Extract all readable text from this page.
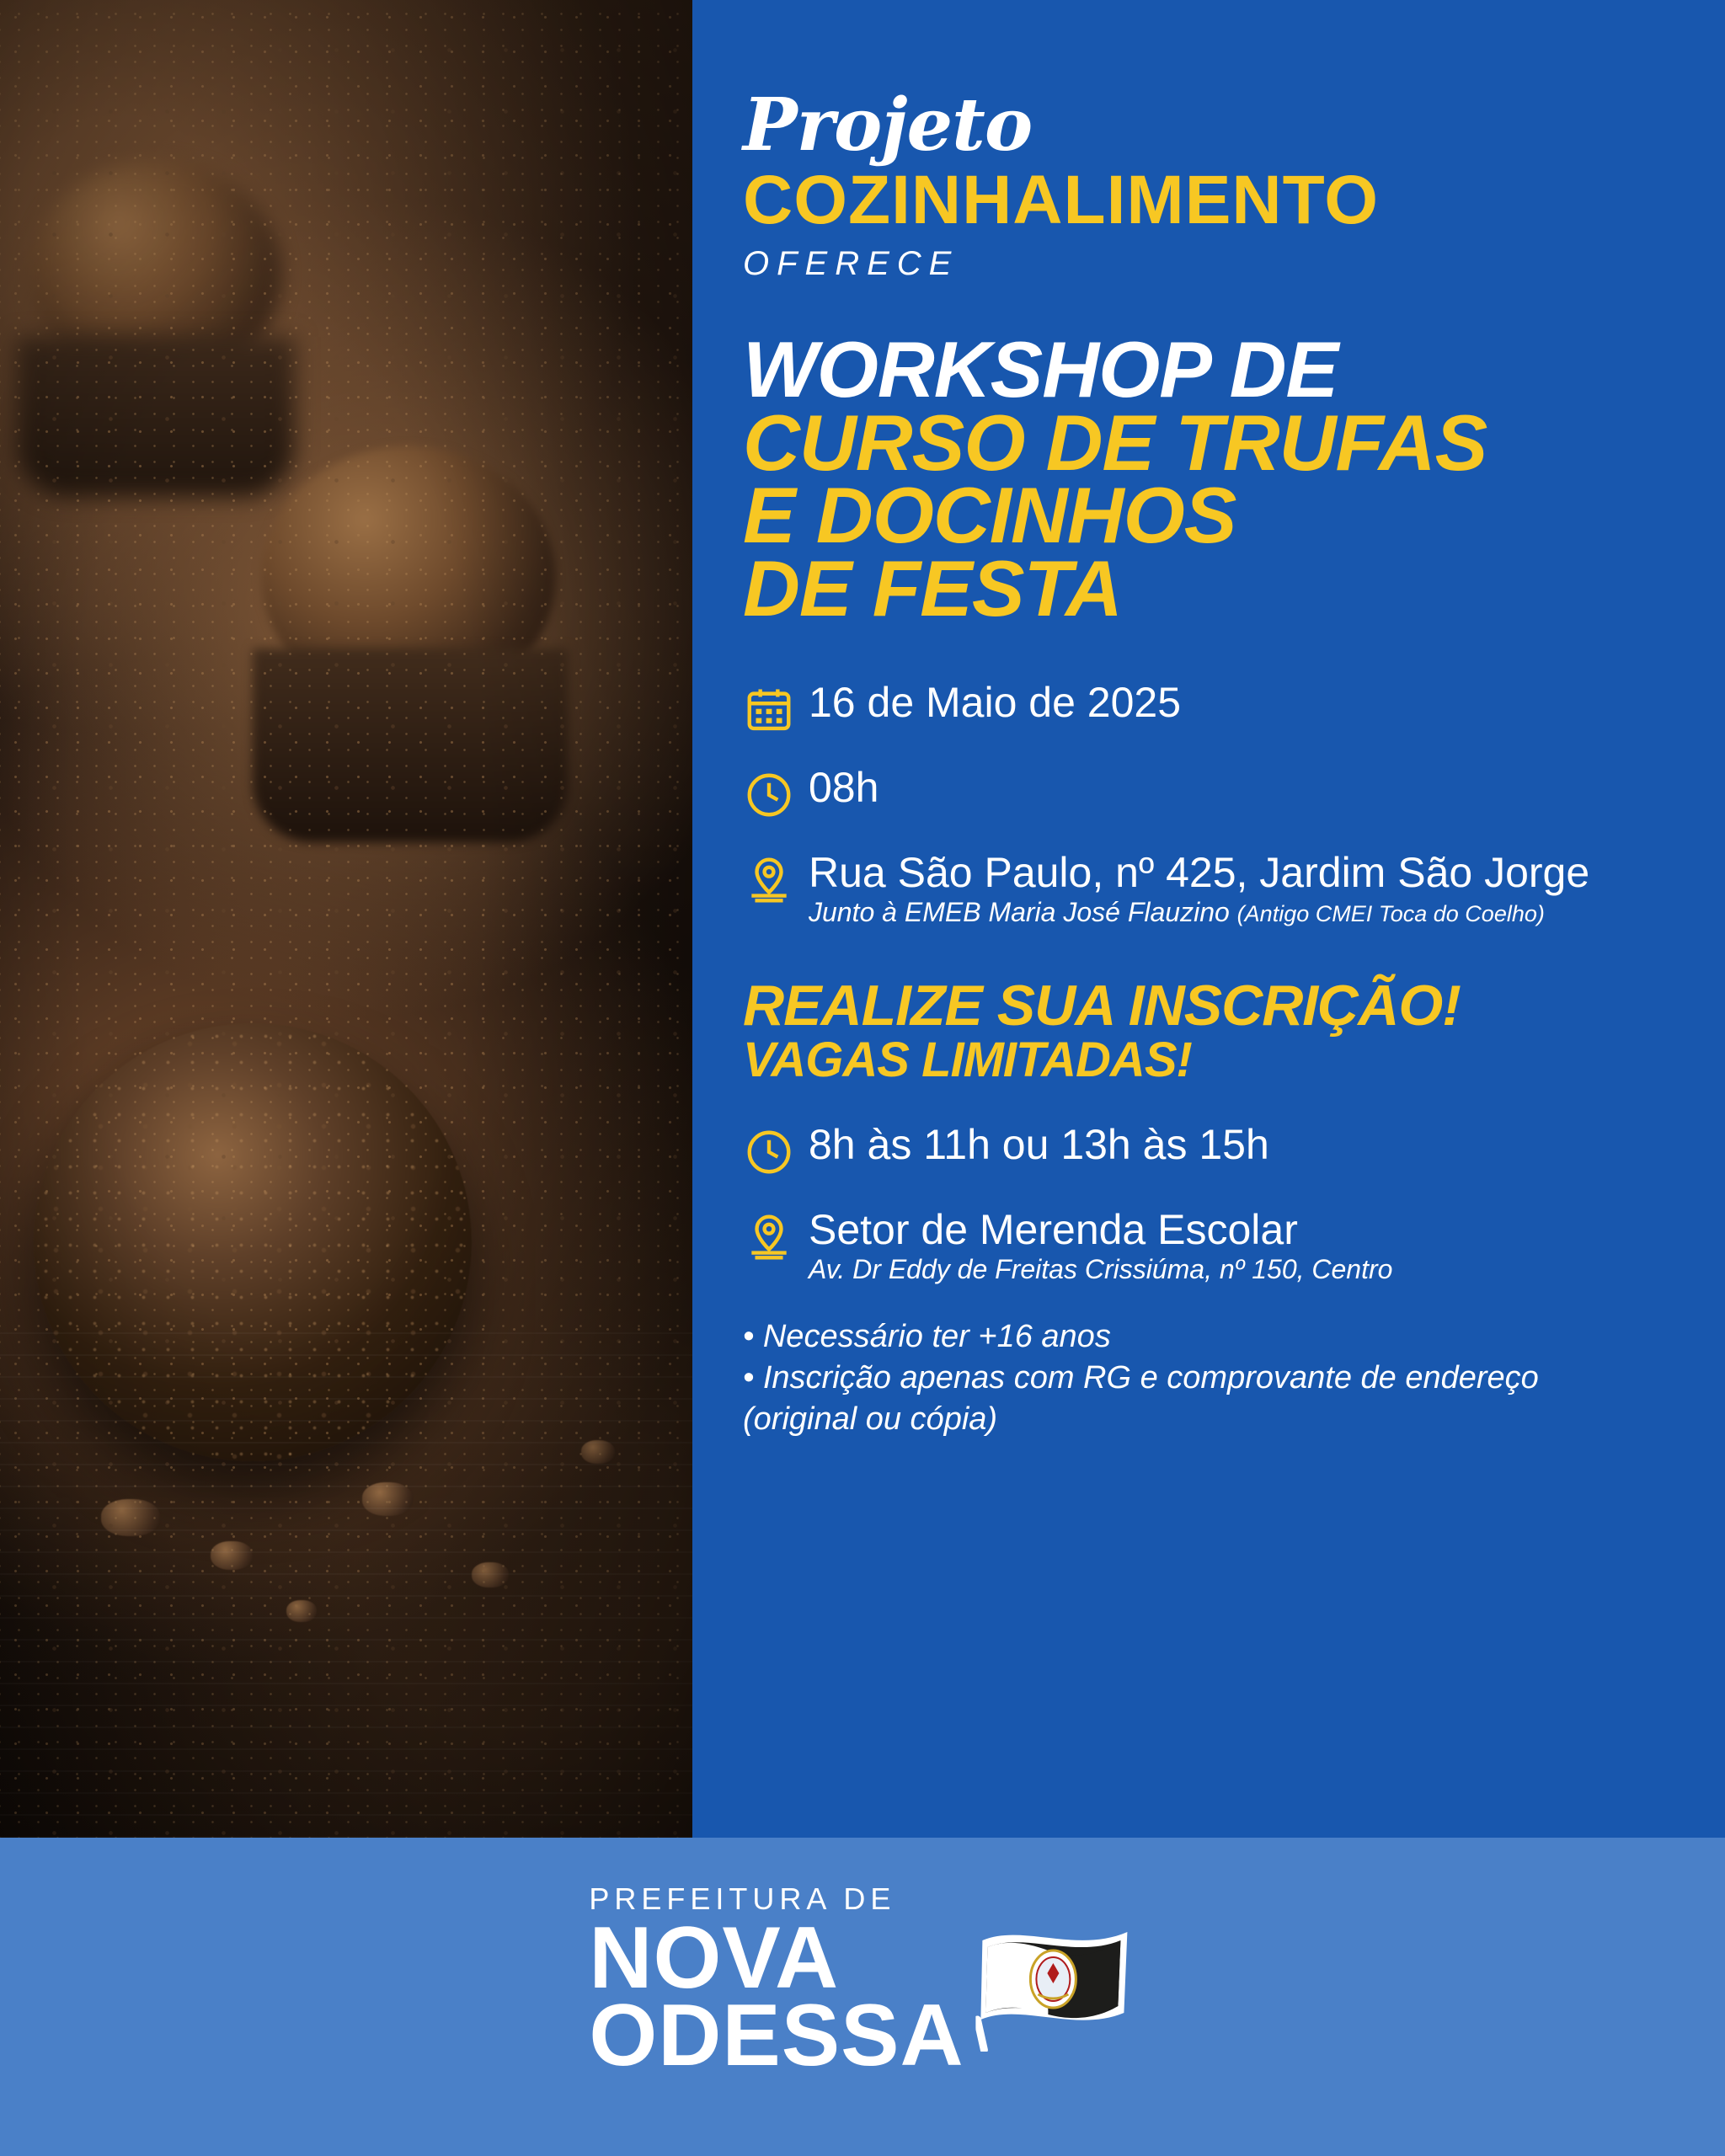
Projeto
COZINHALIMENTO
OFERECE
WORKSHOP DE
CURSO DE TRUFAS
E DOCINHOS
DE FESTA
16 de Maio de 2025
08h
Rua São Paulo, nº 425, Jardim São Jorge
Junto à EMEB Maria José Flauzino (Antigo CMEI Toca do Coelho)
REALIZE SUA INSCRIÇÃO!
VAGAS LIMITADAS!
8h às 11h ou 13h às 15h
Setor de Merenda Escolar
Av. Dr Eddy de Freitas Crissiúma, nº 150, Centro
• Necessário ter +16 anos
• Inscrição apenas com RG e comprovante de endereço
(original ou cópia)
PREFEITURA DE
NOVA
ODESSA
